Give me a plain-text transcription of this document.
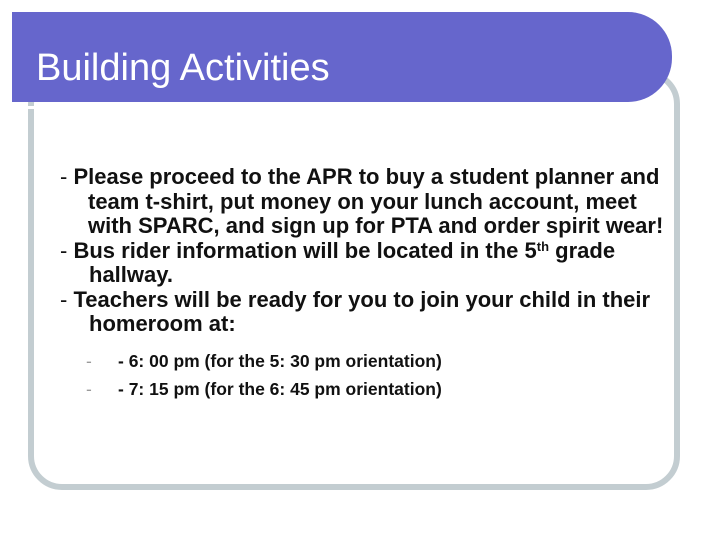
Building Activities
- Please proceed to the APR to buy a student planner and team t-shirt, put money on your lunch account, meet with SPARC, and sign up for PTA and order spirit wear!
- Bus rider information will be located in the 5th grade hallway.
- Teachers will be ready for you to join your child in their homeroom at:
- - 6: 00 pm (for the 5: 30 pm orientation)
- - 7: 15 pm (for the 6: 45 pm orientation)
